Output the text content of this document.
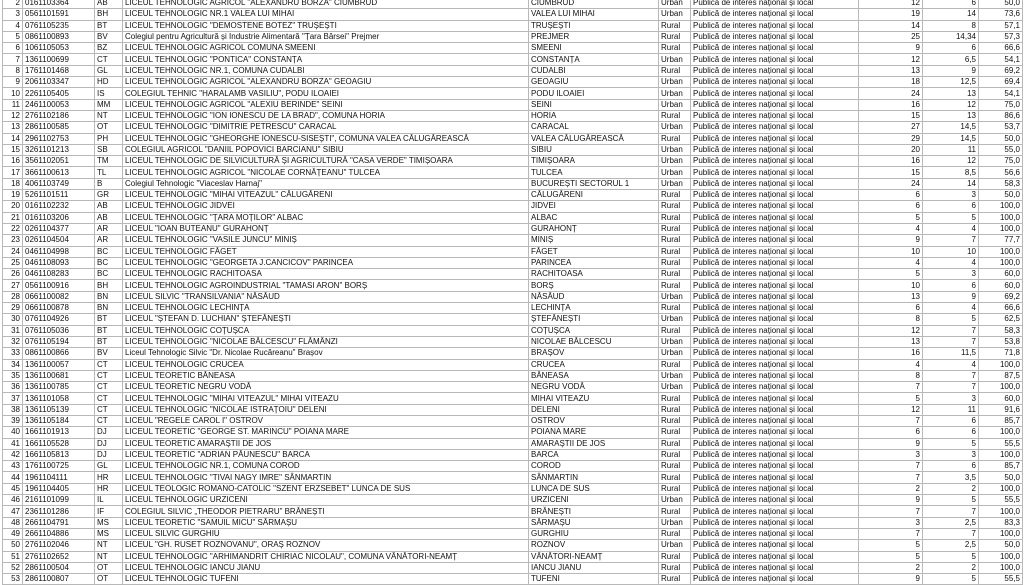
2	0161103364	AB	LICEUL TEHNOLOGIC AGRICOL "ALEXANDRU BORZA" CIUMBRUD	CIUMBRUD	Urban	Publică de interes național și local	12	6	50,0
3	0561101591	BH	LICEUL TEHNOLOGIC NR.1 VALEA LUI MIHAI	VALEA LUI MIHAI	Urban	Publică de interes național și local	19	14	73,6
4	0761105235	BT	LICEUL TEHNOLOGIC "DEMOSTENE BOTEZ" TRUȘEȘTI	TRUȘEȘTI	Rural	Publică de interes național și local	14	8	57,1
5	0861100893	BV	Colegiul pentru Agricultură și Industrie Alimentară "Țara Bârsei" Prejmer	PREJMER	Rural	Publică de interes național și local	25	14,34	57,3
6	1061105053	BZ	LICEUL TEHNOLOGIC AGRICOL COMUNA SMEENI	SMEENI	Rural	Publică de interes național și local	9	6	66,6
7	1361100699	CT	LICEUL TEHNOLOGIC "PONTICA" CONSTANȚA	CONSTANȚA	Urban	Publică de interes național și local	12	6,5	54,1
8	1761101468	GL	LICEUL TEHNOLOGIC NR.1, COMUNA CUDALBI	CUDALBI	Rural	Publică de interes național și local	13	9	69,2
9	2061103347	HD	LICEUL TEHNOLOGIC AGRICOL "ALEXANDRU BORZA" GEOAGIU	GEOAGIU	Urban	Publică de interes național și local	18	12,5	69,4
10	2261105405	IS	COLEGIUL TEHNIC "HARALAMB VASILIU", PODU ILOAIEI	PODU ILOAIEI	Urban	Publică de interes național și local	24	13	54,1
11	2461100053	MM	LICEUL TEHNOLOGIC AGRICOL "ALEXIU BERINDE" SEINI	SEINI	Urban	Publică de interes național și local	16	12	75,0
12	2761102186	NT	LICEUL TEHNOLOGIC "ION IONESCU DE LA BRAD", COMUNA HORIA	HORIA	Rural	Publică de interes național și local	15	13	86,6
13	2861100585	OT	LICEUL TEHNOLOGIC "DIMITRIE PETRESCU" CARACAL	CARACAL	Urban	Publică de interes național și local	27	14,5	53,7
14	2961102753	PH	LICEUL TEHNOLOGIC "GHEORGHE IONESCU-SISEȘTI", COMUNA VALEA CĂLUGĂREASCĂ	VALEA CĂLUGĂREASCĂ	Rural	Publică de interes național și local	29	14,5	50,0
15	3261101213	SB	COLEGIUL AGRICOL "DANIIL POPOVICI BARCIANU" SIBIU	SIBIU	Urban	Publică de interes național și local	20	11	55,0
16	3561102051	TM	LICEUL TEHNOLOGIC DE SILVICULTURĂ ȘI AGRICULTURĂ "CASA VERDE" TIMIȘOARA	TIMIȘOARA	Urban	Publică de interes național și local	16	12	75,0
17	3661100613	TL	LICEUL TEHNOLOGIC AGRICOL "NICOLAE CORNĂȚEANU" TULCEA	TULCEA	Urban	Publică de interes național și local	15	8,5	56,6
18	4061103749	B	Colegiul Tehnologic "Viaceslav Harnaj"	BUCUREȘTI SECTORUL 1	Urban	Publică de interes național și local	24	14	58,3
19	5261101511	GR	LICEUL TEHNOLOGIC "MIHAI VITEAZUL" CĂLUGĂRENI	CĂLUGĂRENI	Rural	Publică de interes național și local	6	3	50,0
20	0161102232	AB	LICEUL TEHNOLOGIC JIDVEI	JIDVEI	Rural	Publică de interes național și local	6	6	100,0
21	0161103206	AB	LICEUL TEHNOLOGIC "ȚARA MOȚILOR" ALBAC	ALBAC	Rural	Publică de interes național și local	5	5	100,0
22	0261104377	AR	LICEUL "IOAN BUTEANU" GURAHONȚ	GURAHONȚ	Rural	Publică de interes național și local	4	4	100,0
23	0261104504	AR	LICEUL TEHNOLOGIC "VASILE JUNCU" MINIȘ	MINIȘ	Rural	Publică de interes național și local	9	7	77,7
24	0461104998	BC	LICEUL TEHNOLOGIC FĂGET	FĂGET	Rural	Publică de interes național și local	10	10	100,0
25	0461108093	BC	LICEUL TEHNOLOGIC "GEORGETA J.CANCICOV" PARINCEA	PARINCEA	Rural	Publică de interes național și local	4	4	100,0
26	0461108283	BC	LICEUL TEHNOLOGIC RACHITOASA	RACHITOASA	Rural	Publică de interes național și local	5	3	60,0
27	0561100916	BH	LICEUL TEHNOLOGIC AGROINDUSTRIAL "TAMASI ARON" BORȘ	BORȘ	Rural	Publică de interes național și local	10	6	60,0
28	0661100082	BN	LICEUL SILVIC "TRANSILVANIA" NĂSĂUD	NĂSĂUD	Urban	Publică de interes național și local	13	9	69,2
29	0661100878	BN	LICEUL TEHNOLOGIC LECHINȚA	LECHINȚA	Rural	Publică de interes național și local	6	4	66,6
30	0761104926	BT	LICEUL "ȘTEFAN D. LUCHIAN" ȘTEFĂNEȘTI	ȘTEFĂNEȘTI	Urban	Publică de interes național și local	8	5	62,5
31	0761105036	BT	LICEUL TEHNOLOGIC COȚUȘCA	COȚUȘCA	Rural	Publică de interes național și local	12	7	58,3
32	0761105194	BT	LICEUL TEHNOLOGIC "NICOLAE BĂLCESCU" FLĂMÂNZI	NICOLAE BĂLCESCU	Urban	Publică de interes național și local	13	7	53,8
33	0861100866	BV	Liceul Tehnologic Silvic "Dr. Nicolae Rucăreanu" Brașov	BRAȘOV	Urban	Publică de interes național și local	16	11,5	71,8
34	1361100057	CT	LICEUL TEHNOLOGIC CRUCEA	CRUCEA	Rural	Publică de interes național și local	4	4	100,0
35	1361100681	CT	LICEUL TEORETIC BĂNEASA	BĂNEASA	Urban	Publică de interes național și local	8	7	87,5
36	1361100785	CT	LICEUL TEORETIC NEGRU VODĂ	NEGRU VODĂ	Urban	Publică de interes național și local	7	7	100,0
37	1361101058	CT	LICEUL TEHNOLOGIC "MIHAI VITEAZUL" MIHAI VITEAZU	MIHAI VITEAZU	Rural	Publică de interes național și local	5	3	60,0
38	1361105139	CT	LICEUL TEHNOLOGIC "NICOLAE ISTRAȚOIU" DELENI	DELENI	Rural	Publică de interes național și local	12	11	91,6
39	1361105184	CT	LICEUL "REGELE CAROL I" OSTROV	OSTROV	Rural	Publică de interes național și local	7	6	85,7
40	1661101913	DJ	LICEUL TEORETIC "GEORGE ST. MARINCU" POIANA MARE	POIANA MARE	Rural	Publică de interes național și local	6	6	100,0
41	1661105528	DJ	LICEUL TEORETIC AMARAȘTII DE JOS	AMARAȘTII DE JOS	Rural	Publică de interes național și local	9	5	55,5
42	1661105813	DJ	LICEUL TEORETIC "ADRIAN PĂUNESCU" BARCA	BARCA	Rural	Publică de interes național și local	3	3	100,0
43	1761100725	GL	LICEUL TEHNOLOGIC NR.1, COMUNA COROD	COROD	Rural	Publică de interes național și local	7	6	85,7
44	1961104111	HR	LICEUL TEHNOLOGIC "TIVAI NAGY IMRE" SÂNMARTIN	SÂNMARTIN	Rural	Publică de interes național și local	7	3,5	50,0
45	1961104405	HR	LICEUL TEOLOGIC ROMANO-CATOLIC "SZENT ERZSEBET" LUNCA DE SUS	LUNCA DE SUS	Rural	Publică de interes național și local	2	2	100,0
46	2161101099	IL	LICEUL TEHNOLOGIC URZICENI	URZICENI	Urban	Publică de interes național și local	9	5	55,5
47	2361101286	IF	COLEGIUL SILVIC „THEODOR PIETRARU” BRĂNEȘTI	BRĂNEȘTI	Rural	Publică de interes național și local	7	7	100,0
48	2661104791	MS	LICEUL TEORETIC "SAMUIL MICU" SĂRMAȘU	SĂRMAȘU	Urban	Publică de interes național și local	3	2,5	83,3
49	2661104886	MS	LICEUL SILVIC GURGHIU	GURGHIU	Rural	Publică de interes național și local	7	7	100,0
50	2761102046	NT	LICEUL "GH. RUSET ROZNOVANU", ORAȘ ROZNOV	ROZNOV	Urban	Publică de interes național și local	5	2,5	50,0
51	2761102652	NT	LICEUL TEHNOLOGIC "ARHIMANDRIT CHIRIAC NICOLAU", COMUNA VÂNĂTORI-NEAMȚ	VÂNĂTORI-NEAMȚ	Rural	Publică de interes național și local	5	5	100,0
52	2861100504	OT	LICEUL TEHNOLOGIC IANCU JIANU	IANCU JIANU	Rural	Publică de interes național și local	2	2	100,0
53	2861100807	OT	LICEUL TEHNOLOGIC TUFENI	TUFENI	Rural	Publică de interes național și local	9	5	55,5
